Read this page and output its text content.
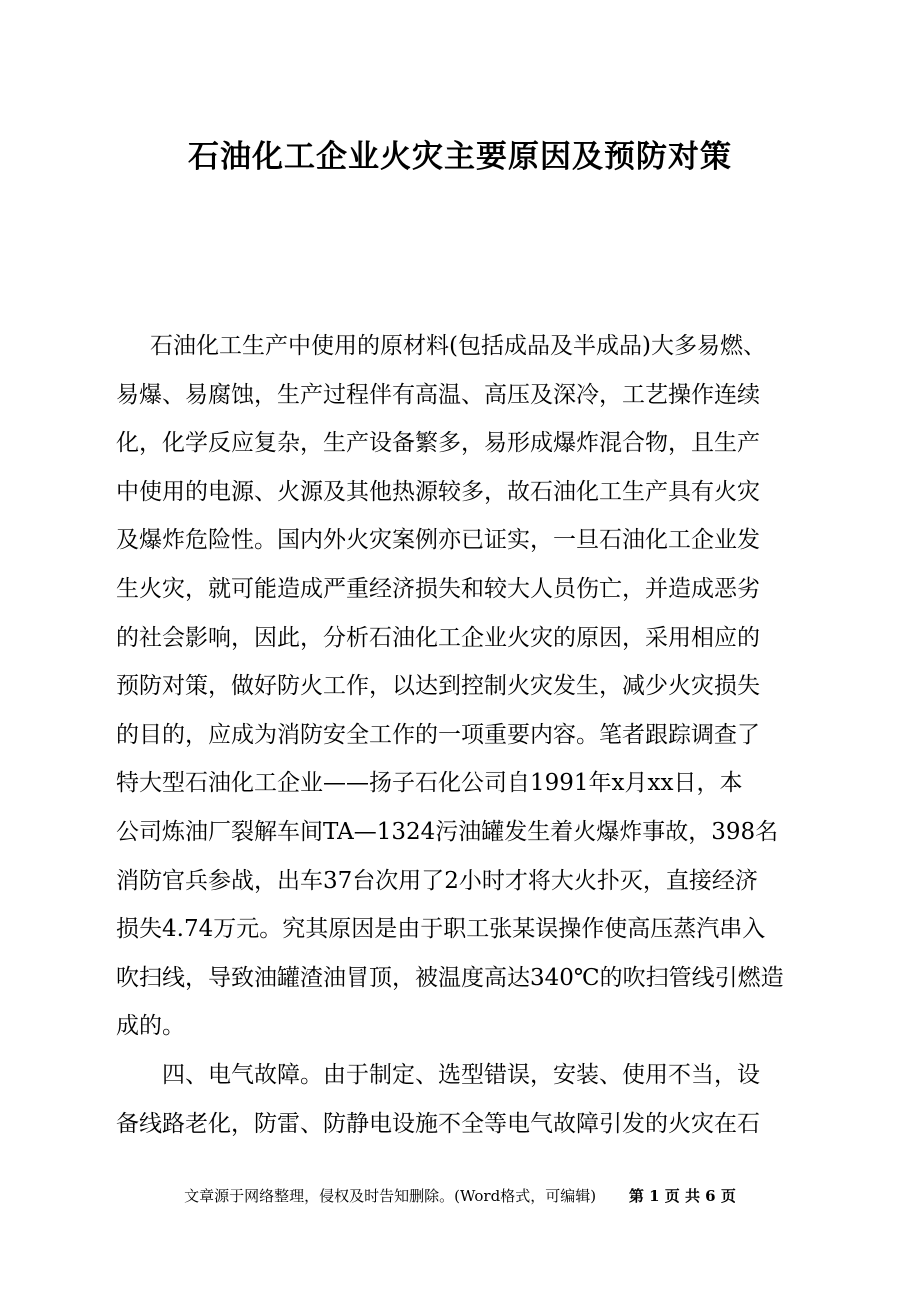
石油化工企业火灾主要原因及预防对策
石油化工生产中使用的原材料(包括成品及半成品)大多易燃、
易爆、易腐蚀，生产过程伴有高温、高压及深冷，工艺操作连续
化，化学反应复杂，生产设备繁多，易形成爆炸混合物，且生产
中使用的电源、火源及其他热源较多，故石油化工生产具有火灾
及爆炸危险性。国内外火灾案例亦已证实，一旦石油化工企业发
生火灾，就可能造成严重经济损失和较大人员伤亡，并造成恶劣
的社会影响，因此，分析石油化工企业火灾的原因，采用相应的
预防对策，做好防火工作，以达到控制火灾发生，减少火灾损失
的目的，应成为消防安全工作的一项重要内容。笔者跟踪调查了
特大型石油化工企业——扬子石化公司自1991年x月xx日，本
公司炼油厂裂解车间TA—1324污油罐发生着火爆炸事故，398名
消防官兵参战，出车37台次用了2小时才将大火扑灭，直接经济
损失4.74万元。究其原因是由于职工张某误操作使高压蒸汽串入
吹扫线，导致油罐渣油冒顶，被温度高达340℃的吹扫管线引燃造
成的。
四、电气故障。由于制定、选型错误，安装、使用不当，设
备线路老化，防雷、防静电设施不全等电气故障引发的火灾在石
文章源于网络整理，侵权及时告知删除。(Word格式，可编辑) 第 1 页 共 6 页
